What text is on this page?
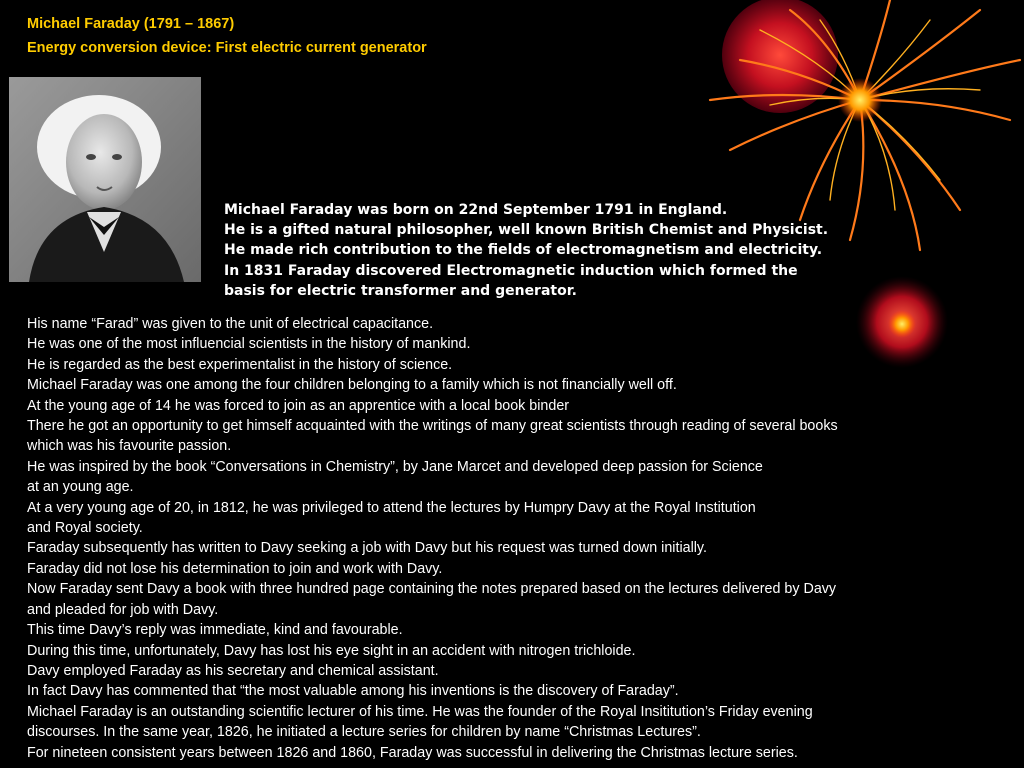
Michael Faraday (1791 – 1867)
Energy conversion device: First electric current generator
Michael Faraday was born on 22nd September 1791 in England.
He is a gifted natural philosopher, well known British Chemist and Physicist.
He made rich contribution to the fields of electromagnetism and electricity.
In 1831 Faraday discovered Electromagnetic induction which formed the
basis for electric transformer and generator.
His name “Farad” was given to the unit of electrical capacitance.
He was one of the most influencial scientists in the history of mankind.
He is regarded as the best experimentalist in the history of science.
Michael Faraday was one among the four children belonging to a family which is not financially well off.
At the young age of 14 he was forced to join as an apprentice with a local book binder
There he got an opportunity to get himself acquainted with the writings of many great scientists through reading of several books
which was his favourite passion.
He was inspired by the book “Conversations in Chemistry”, by Jane Marcet and developed deep passion for Science
at an young age.
At a very young age of 20, in 1812, he was privileged to attend the lectures by Humpry Davy at the Royal Institution
and Royal society.
Faraday subsequently has written to Davy seeking a job with Davy but his request was turned down initially.
Faraday did not lose his determination to join and work with Davy.
Now Faraday sent Davy a book with three hundred page containing the notes prepared based on the lectures delivered by Davy
and pleaded for job with Davy.
This time Davy’s reply was immediate, kind and favourable.
During this time, unfortunately, Davy has lost his eye sight in an accident with nitrogen trichloide.
Davy employed Faraday as his secretary and chemical assistant.
In fact Davy has commented that “the most valuable among his inventions is the discovery of Faraday”.
Michael Faraday is an outstanding scientific lecturer of his time. He was the founder of the Royal Insititution’s Friday evening
discourses. In the same year, 1826, he initiated a lecture series for children by name “Christmas Lectures”.
For nineteen consistent years between 1826 and 1860, Faraday was successful in delivering the Christmas lecture series.
